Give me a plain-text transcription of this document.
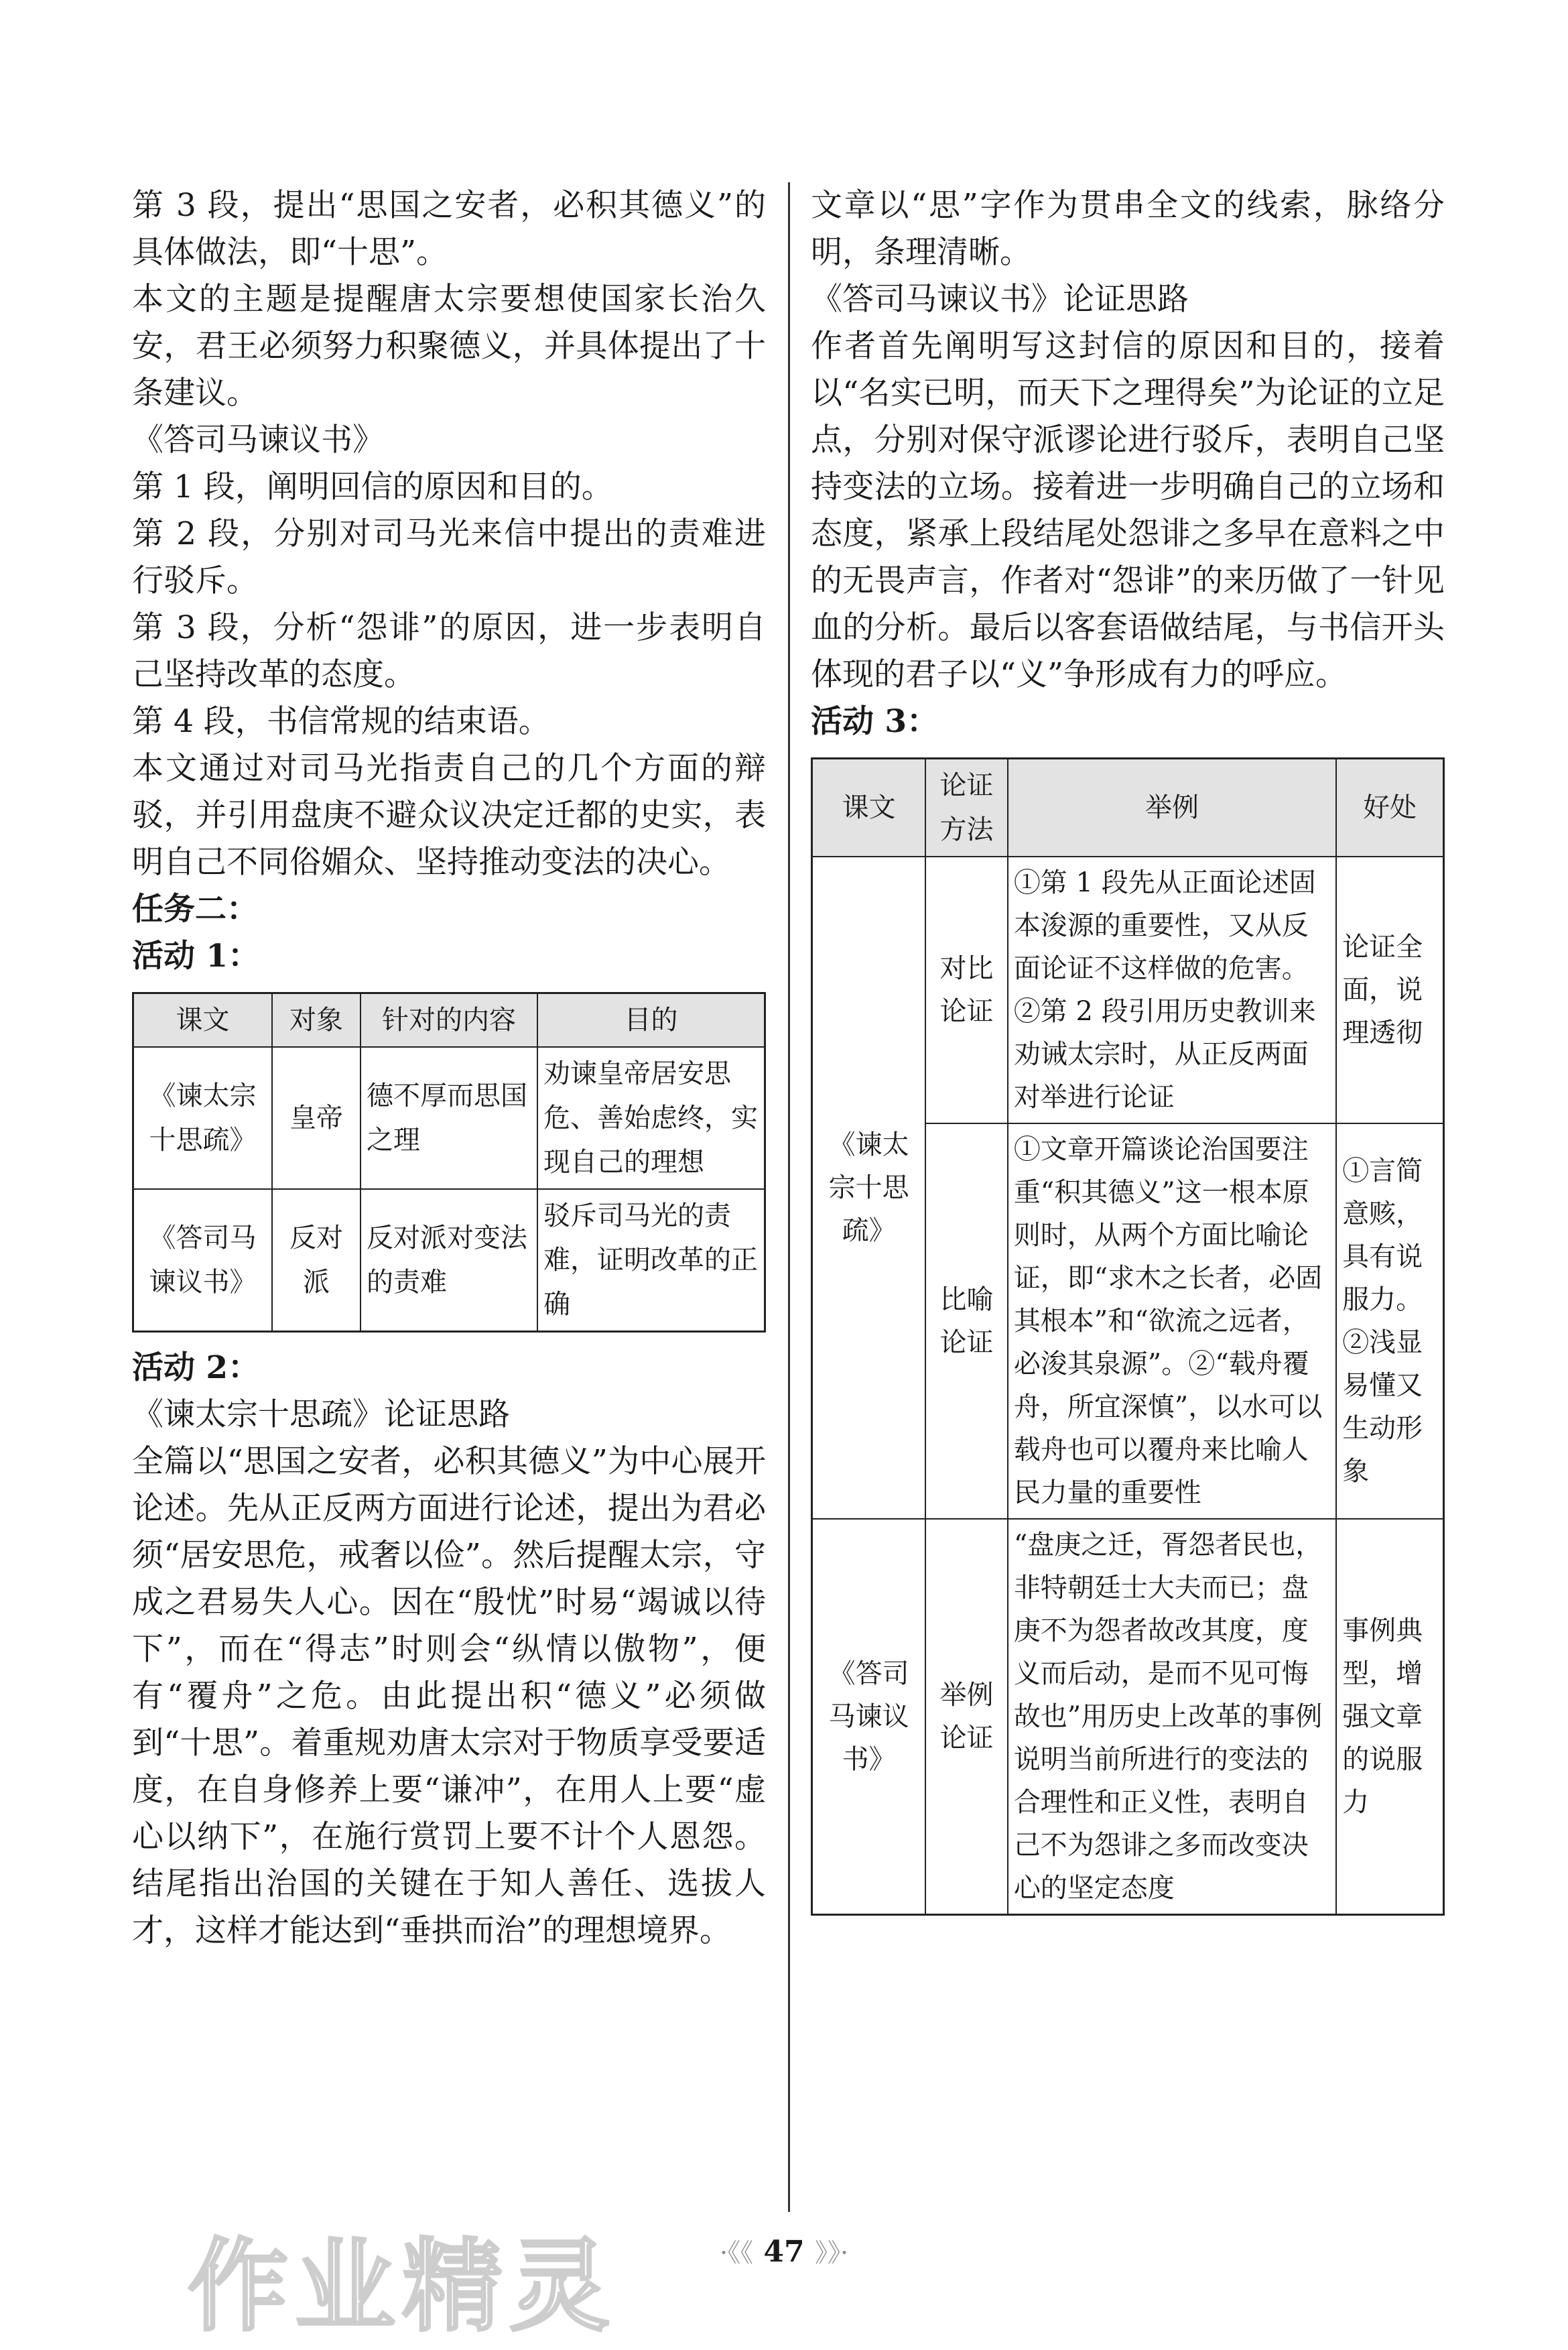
第 3 段，提出“思国之安者，必积其德义”的具体做法，即“十思”。

本文的主题是提醒唐太宗要想使国家长治久安，君王必须努力积聚德义，并具体提出了十条建议。

《答司马谏议书》

第 1 段，阐明回信的原因和目的。

第 2 段，分别对司马光来信中提出的责难进行驳斥。

第 3 段，分析“怨诽”的原因，进一步表明自己坚持改革的态度。

第 4 段，书信常规的结束语。

本文通过对司马光指责自己的几个方面的辩驳，并引用盘庚不避众议决定迁都的史实，表明自己不同俗媚众、坚持推动变法的决心。

任务二：

活动 1：

课文	对象	针对的内容	目的
《谏太宗十思疏》	皇帝	德不厚而思国之理	劝谏皇帝居安思危、善始虑终，实现自己的理想
《答司马谏议书》	反对派	反对派对变法的责难	驳斥司马光的责难，证明改革的正确

活动 2：

《谏太宗十思疏》论证思路

全篇以“思国之安者，必积其德义”为中心展开论述。先从正反两方面进行论述，提出为君必须“居安思危，戒奢以俭”。然后提醒太宗，守成之君易失人心。因在“殷忧”时易“竭诚以待下”，而在“得志”时则会“纵情以傲物”，便有“覆舟”之危。由此提出积“德义”必须做到“十思”。着重规劝唐太宗对于物质享受要适度，在自身修养上要“谦冲”，在用人上要“虚心以纳下”，在施行赏罚上要不计个人恩怨。结尾指出治国的关键在于知人善任、选拔人才，这样才能达到“垂拱而治”的理想境界。

文章以“思”字作为贯串全文的线索，脉络分明，条理清晰。

《答司马谏议书》论证思路

作者首先阐明写这封信的原因和目的，接着以“名实已明，而天下之理得矣”为论证的立足点，分别对保守派谬论进行驳斥，表明自己坚持变法的立场。接着进一步明确自己的立场和态度，紧承上段结尾处怨诽之多早在意料之中的无畏声言，作者对“怨诽”的来历做了一针见血的分析。最后以客套语做结尾，与书信开头体现的君子以“义”争形成有力的呼应。

活动 3：

课文	论证方法	举例	好处
《谏太宗十思疏》	对比论证	①第 1 段先从正面论述固本浚源的重要性，又从反面论证不这样做的危害。②第 2 段引用历史教训来劝诫太宗时，从正反两面对举进行论证	论证全面，说理透彻
	比喻论证	①文章开篇谈论治国要注重“积其德义”这一根本原则时，从两个方面比喻论证，即“求木之长者，必固其根本”和“欲流之远者，必浚其泉源”。②“载舟覆舟，所宜深慎”，以水可以载舟也可以覆舟来比喻人民力量的重要性	①言简意赅，具有说服力。②浅显易懂又生动形象
《答司马谏议书》	举例论证	“盘庚之迁，胥怨者民也，非特朝廷士大夫而已；盘庚不为怨者故改其度，度义而后动，是而不见可悔故也”用历史上改革的事例说明当前所进行的变法的合理性和正义性，表明自己不为怨诽之多而改变决心的坚定态度	事例典型，增强文章的说服力
作业精灵	·《《 47 》》·
